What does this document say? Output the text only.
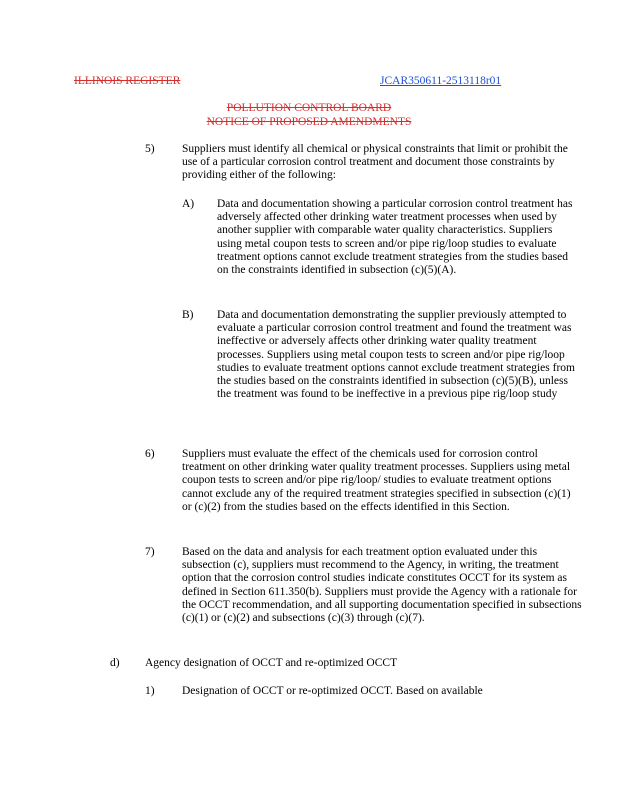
ILLINOIS REGISTER	JCAR350611-2513118r01
POLLUTION CONTROL BOARD
NOTICE OF PROPOSED AMENDMENTS
5) Suppliers must identify all chemical or physical constraints that limit or prohibit the use of a particular corrosion control treatment and document those constraints by providing either of the following:
A) Data and documentation showing a particular corrosion control treatment has adversely affected other drinking water treatment processes when used by another supplier with comparable water quality characteristics. Suppliers using metal coupon tests to screen and/or pipe rig/loop studies to evaluate treatment options cannot exclude treatment strategies from the studies based on the constraints identified in subsection (c)(5)(A).
B) Data and documentation demonstrating the supplier previously attempted to evaluate a particular corrosion control treatment and found the treatment was ineffective or adversely affects other drinking water quality treatment processes. Suppliers using metal coupon tests to screen and/or pipe rig/loop studies to evaluate treatment options cannot exclude treatment strategies from the studies based on the constraints identified in subsection (c)(5)(B), unless the treatment was found to be ineffective in a previous pipe rig/loop study
6) Suppliers must evaluate the effect of the chemicals used for corrosion control treatment on other drinking water quality treatment processes. Suppliers using metal coupon tests to screen and/or pipe rig/loop/ studies to evaluate treatment options cannot exclude any of the required treatment strategies specified in subsection (c)(1) or (c)(2) from the studies based on the effects identified in this Section.
7) Based on the data and analysis for each treatment option evaluated under this subsection (c), suppliers must recommend to the Agency, in writing, the treatment option that the corrosion control studies indicate constitutes OCCT for its system as defined in Section 611.350(b). Suppliers must provide the Agency with a rationale for the OCCT recommendation, and all supporting documentation specified in subsections (c)(1) or (c)(2) and subsections (c)(3) through (c)(7).
d) Agency designation of OCCT and re-optimized OCCT
1) Designation of OCCT or re-optimized OCCT. Based on available
